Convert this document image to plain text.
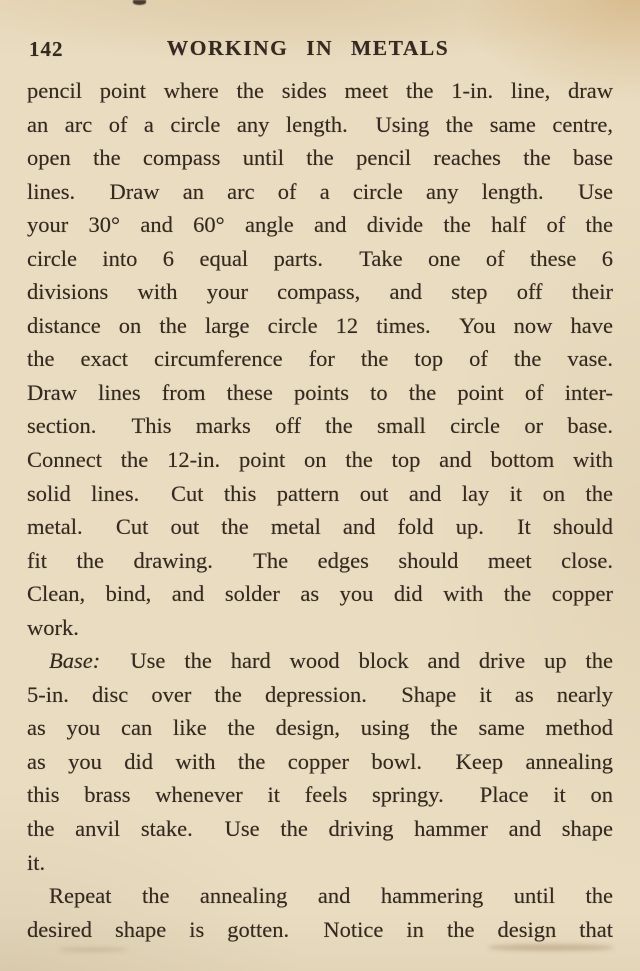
142	WORKING IN METALS
pencil point where the sides meet the 1-in. line, draw
an arc of a circle any length.  Using the same centre,
open the compass until the pencil reaches the base
lines.  Draw an arc of a circle any length.  Use
your 30° and 60° angle and divide the half of the
circle into 6 equal parts.  Take one of these 6
divisions with your compass, and step off their
distance on the large circle 12 times.  You now have
the exact circumference for the top of the vase.
Draw lines from these points to the point of inter-
section.  This marks off the small circle or base.
Connect the 12-in. point on the top and bottom with
solid lines.  Cut this pattern out and lay it on the
metal.  Cut out the metal and fold up.  It should
fit the drawing.  The edges should meet close.
Clean, bind, and solder as you did with the copper
work.
Base:  Use the hard wood block and drive up the
5-in. disc over the depression.  Shape it as nearly
as you can like the design, using the same method
as you did with the copper bowl.  Keep annealing
this brass whenever it feels springy.  Place it on
the anvil stake.  Use the driving hammer and shape
it.
Repeat the annealing and hammering until the
desired shape is gotten.  Notice in the design that
